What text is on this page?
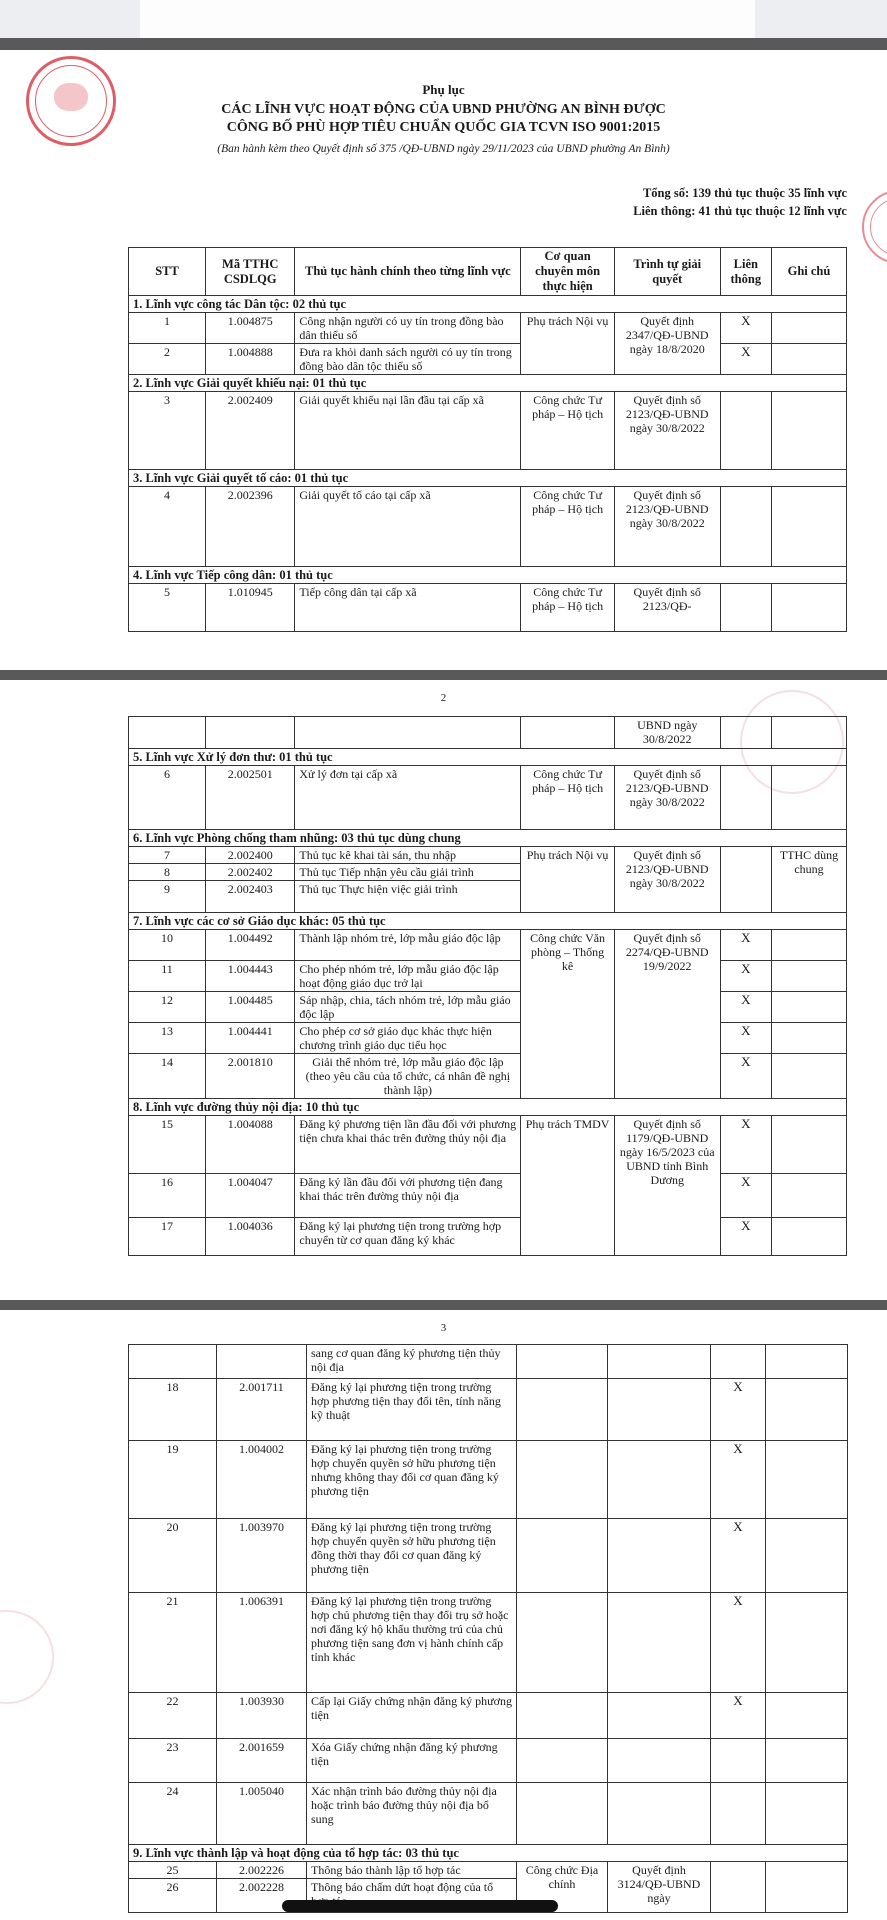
Phụ lục
CÁC LĨNH VỰC HOẠT ĐỘNG CỦA UBND PHƯỜNG AN BÌNH ĐƯỢC
CÔNG BỐ PHÙ HỢP TIÊU CHUẨN QUỐC GIA TCVN ISO 9001:2015
(Ban hành kèm theo Quyết định số 375 /QĐ-UBND ngày 29/11/2023 của UBND phường An Bình)
Tổng số: 139 thủ tục thuộc 35 lĩnh vực
Liên thông: 41 thủ tục thuộc 12 lĩnh vực
STT	Mã TTHC CSDLQG	Thủ tục hành chính theo từng lĩnh vực	Cơ quan chuyên môn thực hiện	Trình tự giải quyết	Liên thông	Ghi chú
1. Lĩnh vực công tác Dân tộc: 02 thủ tục						
1	1.004875	Công nhận người có uy tín trong đồng bào dân thiểu số	Phụ trách Nội vụ	Quyết định 2347/QĐ-UBND ngày 18/8/2020	X	
2	1.004888	Đưa ra khỏi danh sách người có uy tín trong đồng bào dân tộc thiểu số			X	
2. Lĩnh vực Giải quyết khiếu nại: 01 thủ tục						
3	2.002409	Giải quyết khiếu nại lần đầu tại cấp xã	Công chức Tư pháp – Hộ tịch	Quyết định số 2123/QĐ-UBND ngày 30/8/2022		
3. Lĩnh vực Giải quyết tố cáo: 01 thủ tục						
4	2.002396	Giải quyết tố cáo tại cấp xã	Công chức Tư pháp – Hộ tịch	Quyết định số 2123/QĐ-UBND ngày 30/8/2022		
4. Lĩnh vực Tiếp công dân: 01 thủ tục						
5	1.010945	Tiếp công dân tại cấp xã	Công chức Tư pháp – Hộ tịch	Quyết định số 2123/QĐ-		
2
				UBND ngày 30/8/2022		
5. Lĩnh vực Xử lý đơn thư: 01 thủ tục						
6	2.002501	Xử lý đơn tại cấp xã	Công chức Tư pháp – Hộ tịch	Quyết định số 2123/QĐ-UBND ngày 30/8/2022		
6. Lĩnh vực Phòng chống tham nhũng: 03 thủ tục dùng chung						
7	2.002400	Thủ tục kê khai tài sản, thu nhập	Phụ trách Nội vụ	Quyết định số 2123/QĐ-UBND ngày 30/8/2022		TTHC dùng chung
8	2.002402	Thủ tục Tiếp nhận yêu cầu giải trình				
9	2.002403	Thủ tục Thực hiện việc giải trình				
7. Lĩnh vực các cơ sở Giáo dục khác: 05 thủ tục						
10	1.004492	Thành lập nhóm trẻ, lớp mẫu giáo độc lập	Công chức Văn phòng – Thống kê	Quyết định số 2274/QĐ-UBND 19/9/2022	X	
11	1.004443	Cho phép nhóm trẻ, lớp mẫu giáo độc lập hoạt động giáo dục trở lại			X	
12	1.004485	Sáp nhập, chia, tách nhóm trẻ, lớp mẫu giáo độc lập			X	
13	1.004441	Cho phép cơ sở giáo dục khác thực hiện chương trình giáo dục tiểu học			X	
14	2.001810	Giải thể nhóm trẻ, lớp mẫu giáo độc lập (theo yêu cầu của tổ chức, cá nhân đề nghị thành lập)			X	
8. Lĩnh vực đường thủy nội địa: 10 thủ tục						
15	1.004088	Đăng ký phương tiện lần đầu đối với phương tiện chưa khai thác trên đường thủy nội địa	Phụ trách TMDV	Quyết định số 1179/QĐ-UBND ngày 16/5/2023 của UBND tỉnh Bình Dương	X	
16	1.004047	Đăng ký lần đầu đối với phương tiện đang khai thác trên đường thủy nội địa			X	
17	1.004036	Đăng ký lại phương tiện trong trường hợp chuyển từ cơ quan đăng ký khác			X	
3
		sang cơ quan đăng ký phương tiện thủy nội địa				
18	2.001711	Đăng ký lại phương tiện trong trường hợp phương tiện thay đổi tên, tính năng kỹ thuật			X	
19	1.004002	Đăng ký lại phương tiện trong trường hợp chuyển quyền sở hữu phương tiện nhưng không thay đổi cơ quan đăng ký phương tiện			X	
20	1.003970	Đăng ký lại phương tiện trong trường hợp chuyển quyền sở hữu phương tiện đồng thời thay đổi cơ quan đăng ký phương tiện			X	
21	1.006391	Đăng ký lại phương tiện trong trường hợp chủ phương tiện thay đổi trụ sở hoặc nơi đăng ký hộ khẩu thường trú của chủ phương tiện sang đơn vị hành chính cấp tỉnh khác			X	
22	1.003930	Cấp lại Giấy chứng nhận đăng ký phương tiện			X	
23	2.001659	Xóa Giấy chứng nhận đăng ký phương tiện				
24	1.005040	Xác nhận trình báo đường thủy nội địa hoặc trình báo đường thủy nội địa bổ sung				
9. Lĩnh vực thành lập và hoạt động của tổ hợp tác: 03 thủ tục						
25	2.002226	Thông báo thành lập tổ hợp tác	Công chức Địa chính	Quyết định 3124/QĐ-UBND ngày		
26	2.002228	Thông báo chấm dứt hoạt động của tổ				
